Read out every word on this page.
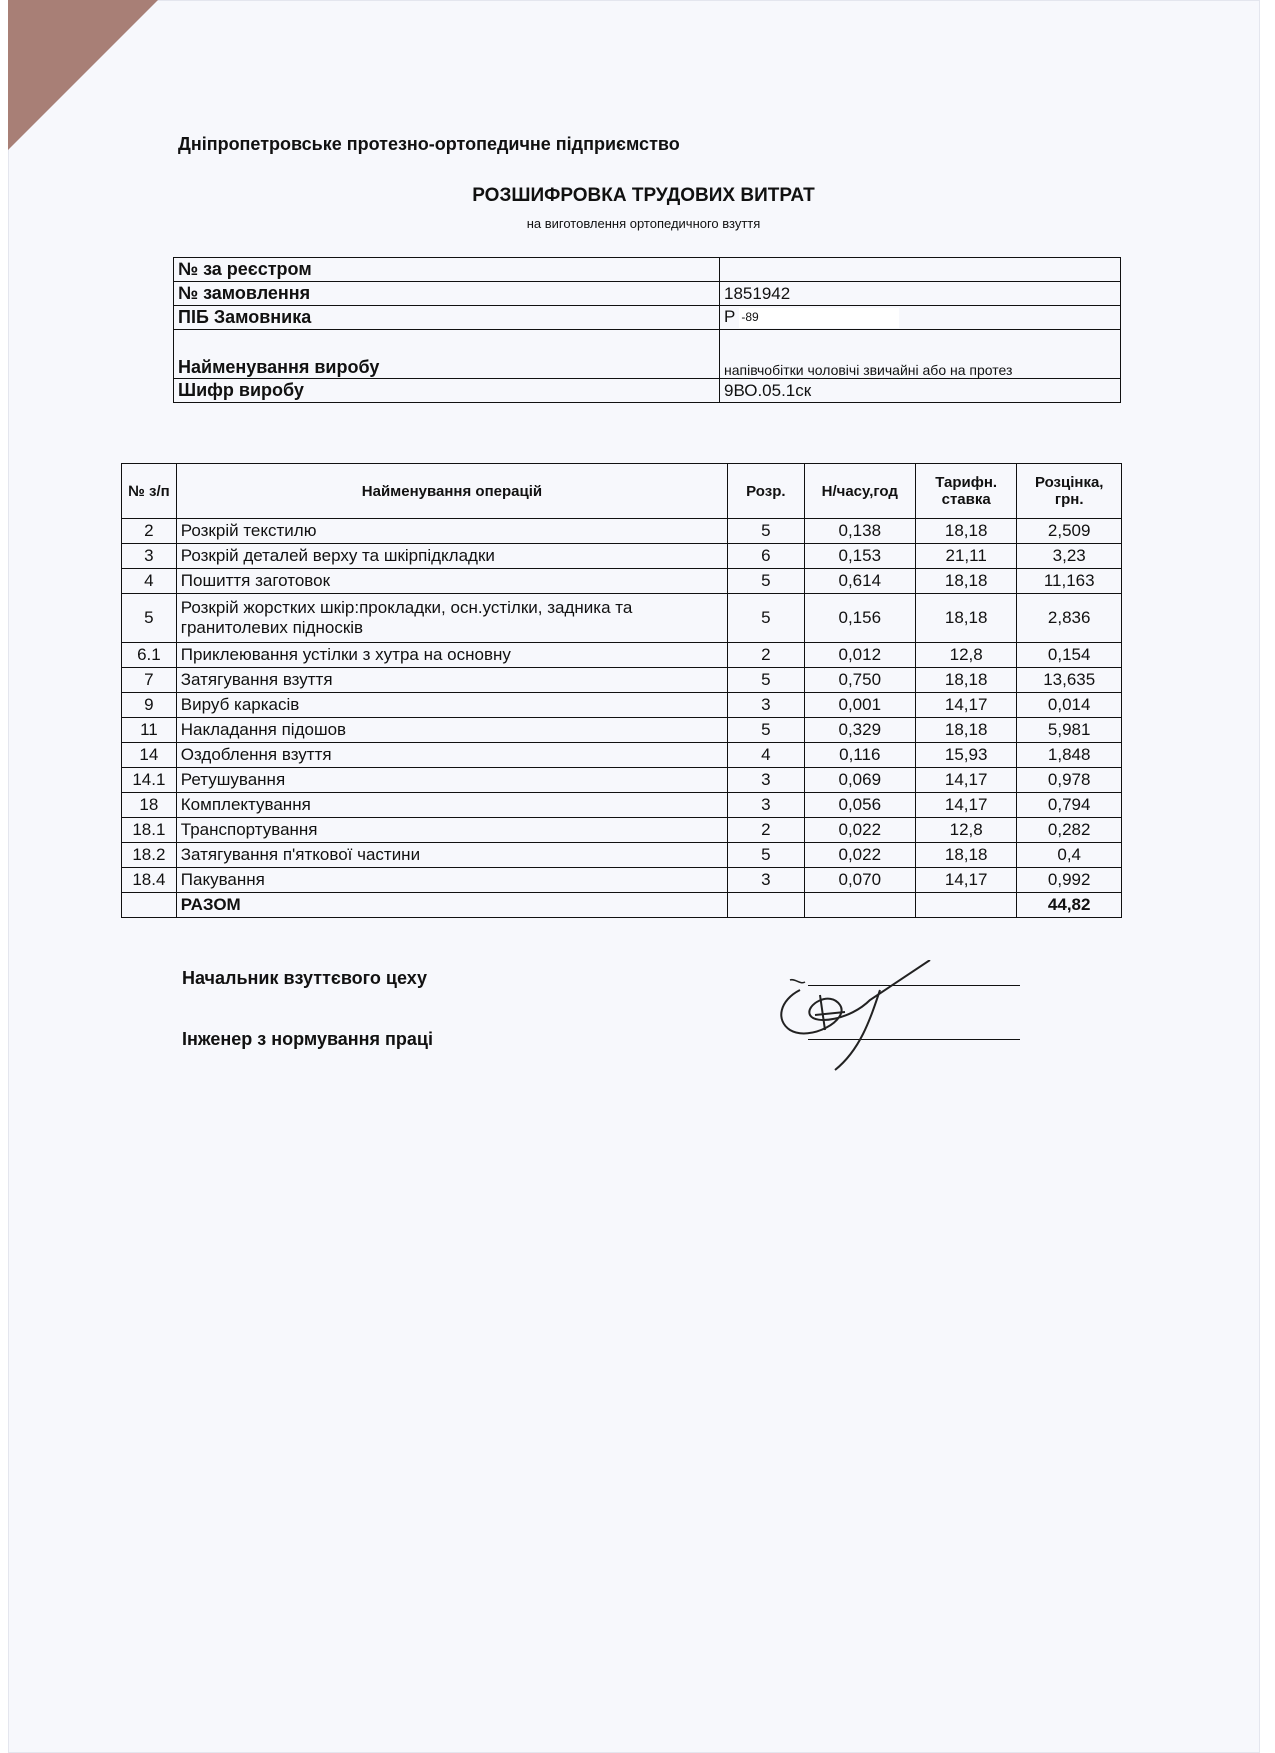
Дніпропетровське протезно-ортопедичне підприємство
РОЗШИФРОВКА ТРУДОВИХ ВИТРАТ
на виготовлення ортопедичного взуття
№ за реєстром	
№ замовлення	1851942
ПІБ Замовника	Р -89

Найменування виробу	напівчобітки чоловічі звичайні або на протез
Шифр виробу	9ВО.05.1ск
№ з/п	Найменування операцій	Розр.	Н/часу,год	Тарифн. ставка	Розцінка, грн.
2	Розкрій текстилю	5	0,138	18,18	2,509
3	Розкрій деталей верху та шкірпідкладки	6	0,153	21,11	3,23
4	Пошиття заготовок	5	0,614	18,18	11,163
5	Розкрій жорстких шкір:прокладки, осн.устілки, задника та гранитолевих підносків	5	0,156	18,18	2,836
6.1	Приклеювання устілки з хутра на основну	2	0,012	12,8	0,154
7	Затягування взуття	5	0,750	18,18	13,635
9	Вируб каркасів	3	0,001	14,17	0,014
11	Накладання підошов	5	0,329	18,18	5,981
14	Оздоблення взуття	4	0,116	15,93	1,848
14.1	Ретушування	3	0,069	14,17	0,978
18	Комплектування	3	0,056	14,17	0,794
18.1	Транспортування	2	0,022	12,8	0,282
18.2	Затягування п'яткової частини	5	0,022	18,18	0,4
18.4	Пакування	3	0,070	14,17	0,992
	РАЗОМ				44,82
Начальник взуттєвого цеху
Інженер з нормування праці
